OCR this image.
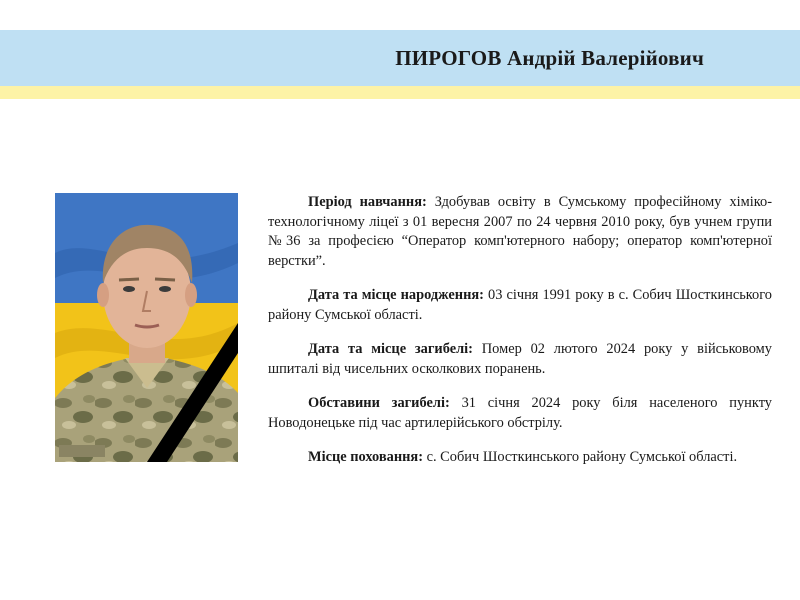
ПИРОГОВ Андрій Валерійович

Період навчання: Здобував освіту в Сумському професійному хіміко-технологічному ліцеї з 01 вересня 2007 по 24 червня 2010 року, був учнем групи №36 за професією “Оператор комп'ютерного набору; оператор комп'ютерної верстки”.

Дата та місце народження: 03 січня 1991 року в с. Собич Шосткинського району Сумської області.

Дата та місце загибелі: Помер 02 лютого 2024 року у військовому шпиталі від чисельних осколкових поранень.

Обставини загибелі: 31 січня 2024 року біля населеного пункту Новодонецьке під час артилерійського обстрілу.

Місце поховання: с. Собич Шосткинського району Сумської області.
